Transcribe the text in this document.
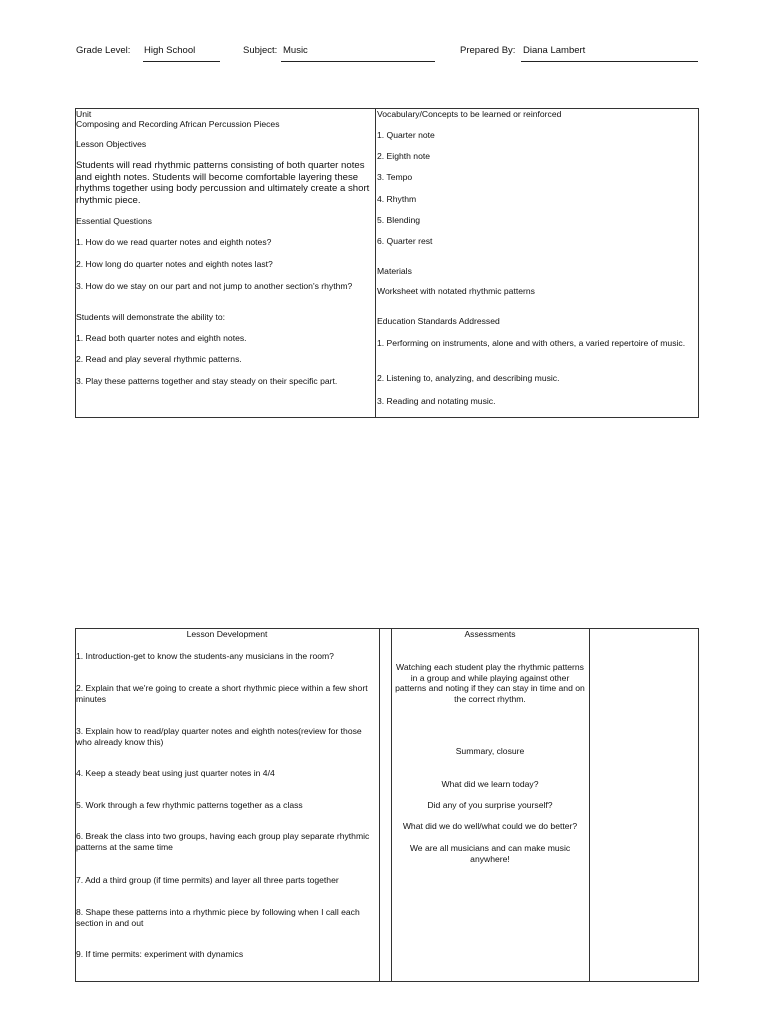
Grade Level: High School	Subject: Music	Prepared By: Diana Lambert
Unit
Composing and Recording African Percussion Pieces
Lesson Objectives
Students will read rhythmic patterns consisting of both quarter notes and eighth notes. Students will become comfortable layering these rhythms together using body percussion and ultimately create a short rhythmic piece.
Essential Questions
1. How do we read quarter notes and eighth notes?
2. How long do quarter notes and eighth notes last?
3. How do we stay on our part and not jump to another section's rhythm?
Students will demonstrate the ability to:
1. Read both quarter notes and eighth notes.
2. Read and play several rhythmic patterns.
3. Play these patterns together and stay steady on their specific part.
Vocabulary/Concepts to be learned or reinforced
1. Quarter note
2. Eighth note
3. Tempo
4. Rhythm
5. Blending
6. Quarter rest
Materials
Worksheet with notated rhythmic patterns
Education Standards Addressed
1. Performing on instruments, alone and with others, a varied repertoire of music.
2. Listening to, analyzing, and describing music.
3. Reading and notating music.
Lesson Development
1. Introduction-get to know the students-any musicians in the room?
2. Explain that we're going to create a short rhythmic piece within a few short minutes
3. Explain how to read/play quarter notes and eighth notes(review for those who already know this)
4. Keep a steady beat using just quarter notes in 4/4
5. Work through a few rhythmic patterns together as a class
6. Break the class into two groups, having each group play separate rhythmic patterns at the same time
7. Add a third group (if time permits) and layer all three parts together
8. Shape these patterns into a rhythmic piece by following when I call each section in and out
9. If time permits: experiment with dynamics
Assessments
Watching each student play the rhythmic patterns in a group and while playing against other patterns and noting if they can stay in time and on the correct rhythm.
Summary, closure
What did we learn today?
Did any of you surprise yourself?
What did we do well/what could we do better?
We are all musicians and can make music anywhere!
